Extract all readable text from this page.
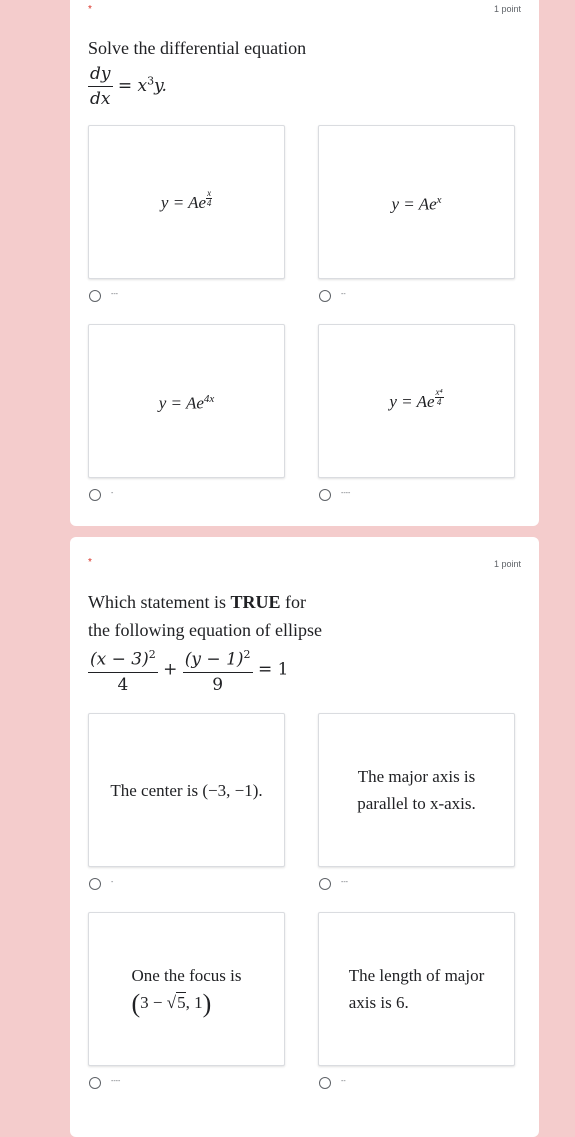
*	1 point
Solve the differential equation
$\frac{dy}{dx} = x^3y$.
y = Ae $\frac{x}{4}$
---
$y = Ae^x$
--
$y = Ae^{4x}$
-
y = Ae $\frac{\text{x⁴}}{4}$
----
*	1 point
Which statement is TRUE for
the following equation of ellipse
$\frac{(x - 3)^2}{4} + \frac{(y - 1)^2}{9} = 1$
The center is (−3, −1).
-
The major axis is
parallel to x-axis.
---
One the focus is
(3 − √5, 1)
----
The length of major
axis is 6.
--
